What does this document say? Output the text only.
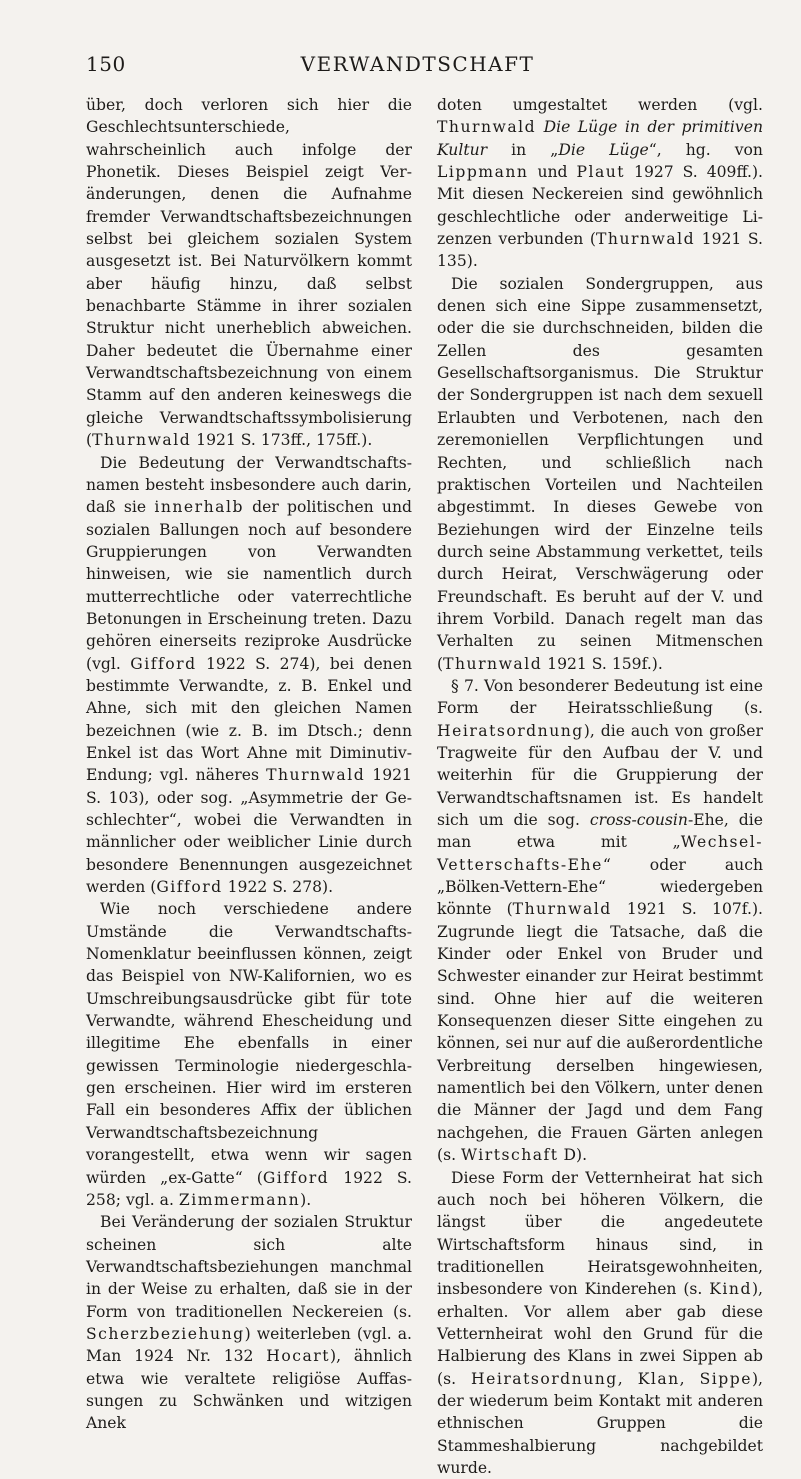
150	VERWANDTSCHAFT

über, doch verloren sich hier die Geschlechtsunterschiede, wahrscheinlich auch infolge der Phonetik. Dieses Beispiel zeigt Veränderungen, denen die Aufnahme fremder Verwandtschaftsbezeichnungen selbst bei gleichem sozialen System ausgesetzt ist. Bei Naturvölkern kommt aber häufig hinzu, daß selbst benachbarte Stämme in ihrer sozialen Struktur nicht unerheblich abweichen. Daher bedeutet die Übernahme einer Verwandtschaftsbezeichnung von einem Stamm auf den anderen keineswegs die gleiche Verwandtschaftssymbolisierung (Thurnwald 1921 S. 173ff., 175ff.).

Die Bedeutung der Verwandtschaftsnamen besteht insbesondere auch darin, daß sie innerhalb der politischen und sozialen Ballungen noch auf besondere Gruppierungen von Verwandten hinweisen, wie sie namentlich durch mutterrechtliche oder vaterrechtliche Betonungen in Erscheinung treten. Dazu gehören einerseits reziproke Ausdrücke (vgl. Gifford 1922 S. 274), bei denen bestimmte Verwandte, z. B. Enkel und Ahne, sich mit den gleichen Namen bezeichnen (wie z. B. im Dtsch.; denn Enkel ist das Wort Ahne mit Diminutiv-Endung; vgl. näheres Thurnwald 1921 S. 103), oder sog. „Asymmetrie der Geschlechter“, wobei die Verwandten in männlicher oder weiblicher Linie durch besondere Benennungen ausgezeichnet werden (Gifford 1922 S. 278).

Wie noch verschiedene andere Umstände die Verwandtschafts-Nomenklatur beeinflussen können, zeigt das Beispiel von NW-Kalifornien, wo es Umschreibungsausdrücke gibt für tote Verwandte, während Ehescheidung und illegitime Ehe ebenfalls in einer gewissen Terminologie niedergeschlagen erscheinen. Hier wird im ersteren Fall ein besonderes Affix der üblichen Verwandtschaftsbezeichnung vorangestellt, etwa wenn wir sagen würden „ex-Gatte“ (Gifford 1922 S. 258; vgl. a. Zimmermann).

Bei Veränderung der sozialen Struktur scheinen sich alte Verwandtschaftsbeziehungen manchmal in der Weise zu erhalten, daß sie in der Form von traditionellen Neckereien (s. Scherzbeziehung) weiterleben (vgl. a. Man 1924 Nr. 132 Hocart), ähnlich etwa wie veraltete religiöse Auffassungen zu Schwänken und witzigen Anek

doten umgestaltet werden (vgl. Thurnwald Die Lüge in der primitiven Kultur in „Die Lüge“, hg. von Lippmann und Plaut 1927 S. 409ff.). Mit diesen Neckereien sind gewöhnlich geschlechtliche oder anderweitige Lizenzen verbunden (Thurnwald 1921 S. 135).

Die sozialen Sondergruppen, aus denen sich eine Sippe zusammensetzt, oder die sie durchschneiden, bilden die Zellen des gesamten Gesellschaftsorganismus. Die Struktur der Sondergruppen ist nach dem sexuell Erlaubten und Verbotenen, nach den zeremoniellen Verpflichtungen und Rechten, und schließlich nach praktischen Vorteilen und Nachteilen abgestimmt. In dieses Gewebe von Beziehungen wird der Einzelne teils durch seine Abstammung verkettet, teils durch Heirat, Verschwägerung oder Freundschaft. Es beruht auf der V. und ihrem Vorbild. Danach regelt man das Verhalten zu seinen Mitmenschen (Thurnwald 1921 S. 159f.).

§ 7. Von besonderer Bedeutung ist eine Form der Heiratsschließung (s. Heiratsordnung), die auch von großer Tragweite für den Aufbau der V. und weiterhin für die Gruppierung der Verwandtschaftsnamen ist. Es handelt sich um die sog. cross-cousin-Ehe, die man etwa mit „Wechsel-Vetterschafts-Ehe“ oder auch „Bölken-Vettern-Ehe“ wiedergeben könnte (Thurnwald 1921 S. 107f.). Zugrunde liegt die Tatsache, daß die Kinder oder Enkel von Bruder und Schwester einander zur Heirat bestimmt sind. Ohne hier auf die weiteren Konsequenzen dieser Sitte eingehen zu können, sei nur auf die außerordentliche Verbreitung derselben hingewiesen, namentlich bei den Völkern, unter denen die Männer der Jagd und dem Fang nachgehen, die Frauen Gärten anlegen (s. Wirtschaft D).

Diese Form der Vetternheirat hat sich auch noch bei höheren Völkern, die längst über die angedeutete Wirtschaftsform hinaus sind, in traditionellen Heiratsgewohnheiten, insbesondere von Kinderehen (s. Kind), erhalten. Vor allem aber gab diese Vetternheirat wohl den Grund für die Halbierung des Klans in zwei Sippen ab (s. Heiratsordnung, Klan, Sippe), der wiederum beim Kontakt mit anderen ethnischen Gruppen die Stammeshalbierung nachgebildet wurde.
